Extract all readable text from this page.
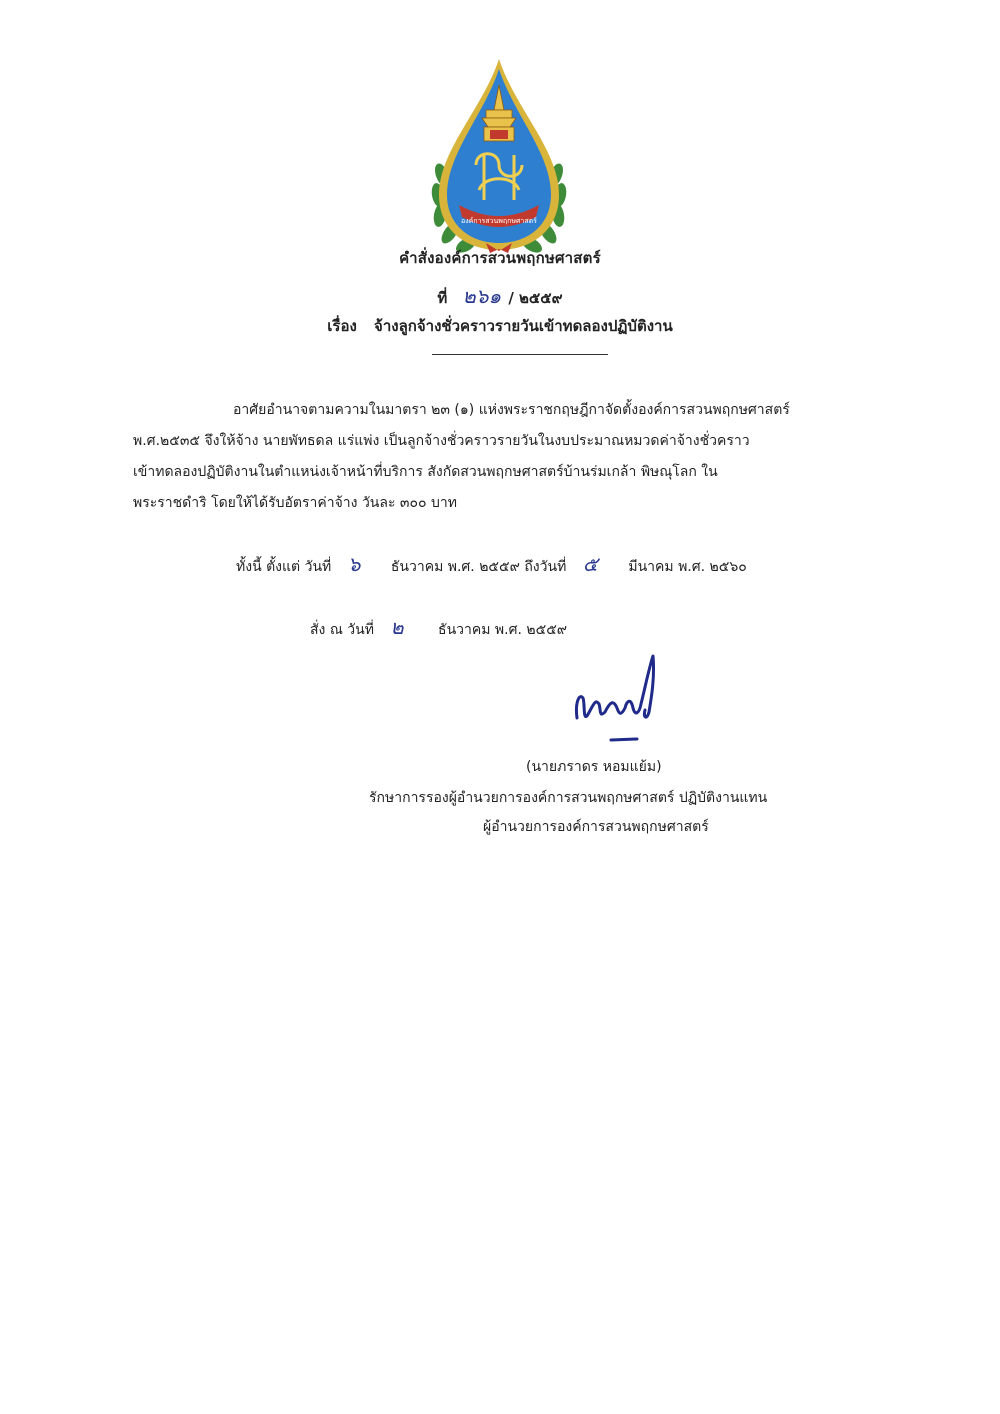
องค์การสวนพฤกษศาสตร์
คำสั่งองค์การสวนพฤกษศาสตร์
ที่ ๒๖๑ / ๒๕๕๙
เรื่อง จ้างลูกจ้างชั่วคราวรายวันเข้าทดลองปฏิบัติงาน
อาศัยอำนาจตามความในมาตรา ๒๓ (๑) แห่งพระราชกฤษฎีกาจัดตั้งองค์การสวนพฤกษศาสตร์
พ.ศ.๒๕๓๕ จึงให้จ้าง นายพัทธดล แร่แพ่ง เป็นลูกจ้างชั่วคราวรายวันในงบประมาณหมวดค่าจ้างชั่วคราว
เข้าทดลองปฏิบัติงานในตำแหน่งเจ้าหน้าที่บริการ สังกัดสวนพฤกษศาสตร์บ้านร่มเกล้า พิษณุโลก ใน
พระราชดำริ โดยให้ได้รับอัตราค่าจ้าง วันละ ๓๐๐ บาท
ทั้งนี้ ตั้งแต่ วันที่ ๖ ธันวาคม พ.ศ. ๒๕๕๙ ถึงวันที่ ๕ มีนาคม พ.ศ. ๒๕๖๐
สั่ง ณ วันที่ ๒ ธันวาคม พ.ศ. ๒๕๕๙
(นายภราดร หอมแย้ม)
รักษาการรองผู้อำนวยการองค์การสวนพฤกษศาสตร์ ปฏิบัติงานแทน
ผู้อำนวยการองค์การสวนพฤกษศาสตร์
